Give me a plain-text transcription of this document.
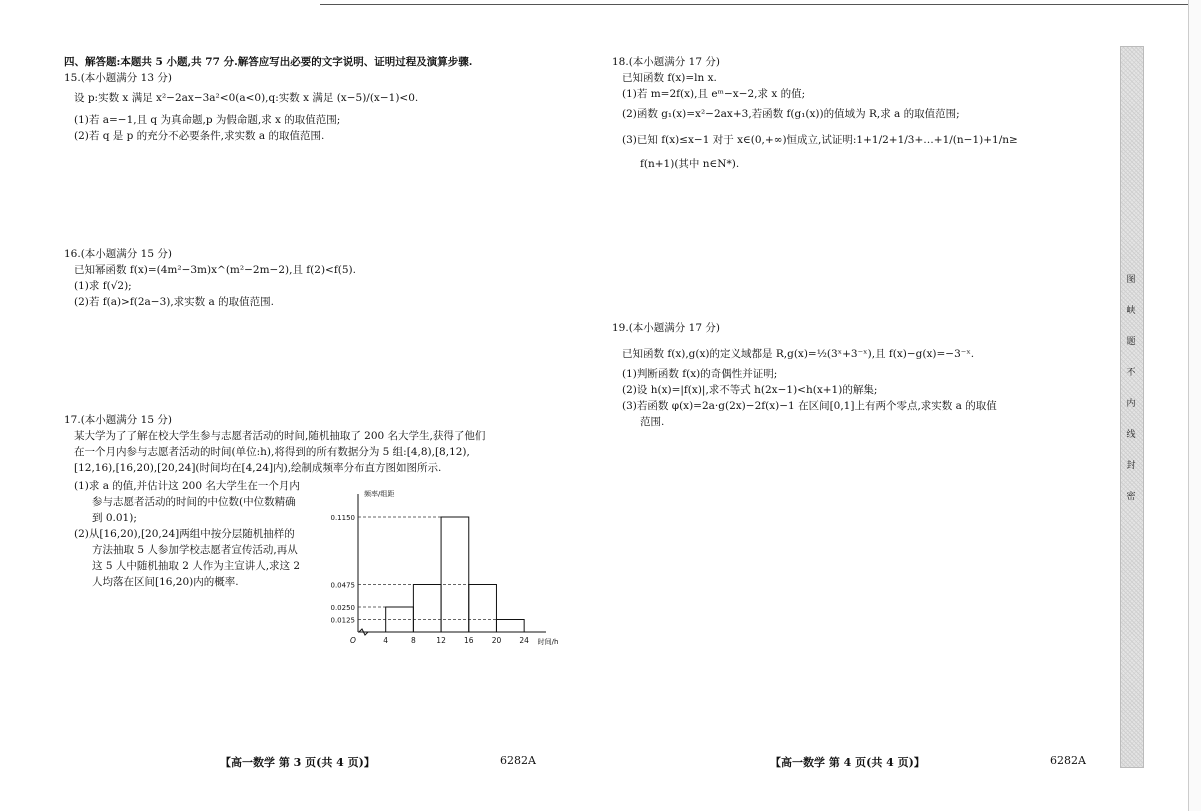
四、解答题:本题共 5 小题,共 77 分.解答应写出必要的文字说明、证明过程及演算步骤.

15.(本小题满分 13 分)

设 p:实数 x 满足 x²−2ax−3a²<0(a<0),q:实数 x 满足 (x−5)/(x−1)<0.

(1)若 a=−1,且 q 为真命题,p 为假命题,求 x 的取值范围;

(2)若 q 是 p 的充分不必要条件,求实数 a 的取值范围.

16.(本小题满分 15 分)

已知幂函数 f(x)=(4m²−3m)x^(m²−2m−2),且 f(2)<f(5).

(1)求 f(√2);

(2)若 f(a)>f(2a−3),求实数 a 的取值范围.

17.(本小题满分 15 分)

某大学为了了解在校大学生参与志愿者活动的时间,随机抽取了 200 名大学生,获得了他们

在一个月内参与志愿者活动的时间(单位:h),将得到的所有数据分为 5 组:[4,8),[8,12),

[12,16),[16,20),[20,24](时间均在[4,24]内),绘制成频率分布直方图如图所示.

(1)求 a 的值,并估计这 200 名大学生在一个月内

参与志愿者活动的时间的中位数(中位数精确

到 0.01);

(2)从[16,20),[20,24]两组中按分层随机抽样的

方法抽取 5 人参加学校志愿者宣传活动,再从

这 5 人中随机抽取 2 人作为主宣讲人,求这 2

人均落在区间[16,20)内的概率.

0.0125
0.0250
0.0475
0.1150
4	8	12 16 20 24
O	时间/h
频率/组距
【高一数学 第 3 页(共 4 页)】	6282A

18.(本小题满分 17 分)

已知函数 f(x)=ln x.

(1)若 m=2f(x),且 eᵐ−x−2,求 x 的值;

(2)函数 g₁(x)=x²−2ax+3,若函数 f(g₁(x))的值域为 R,求 a 的取值范围;

(3)已知 f(x)≤x−1 对于 x∈(0,+∞)恒成立,试证明:1+1/2+1/3+…+1/(n−1)+1/n≥

f(n+1)(其中 n∈N*).

19.(本小题满分 17 分)

已知函数 f(x),g(x)的定义域都是 R,g(x)=½(3ˣ+3⁻ˣ),且 f(x)−g(x)=−3⁻ˣ.

(1)判断函数 f(x)的奇偶性并证明;

(2)设 h(x)=|f(x)|,求不等式 h(2x−1)<h(x+1)的解集;

(3)若函数 φ(x)=2a·g(2x)−2f(x)−1 在区间[0,1]上有两个零点,求实数 a 的取值

范围.

【高一数学 第 4 页(共 4 页)】	6282A
图
峡
题
不
内
线
封
密
